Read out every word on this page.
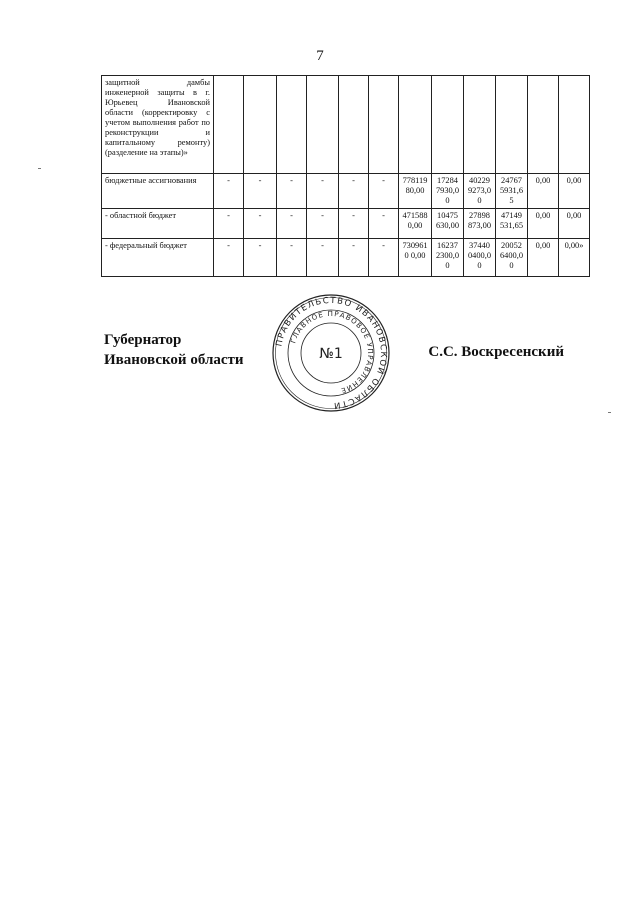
7
защитной дамбы инженерной защиты в г. Юрьевец Ивановской области (корректировку с учетом выполнения работ по реконструкции и капитальному ремонту) (разделение на этапы)»												
бюджетные ассигнования	-	-	-	-	-	-	77811980,00	172847930,00	402299273,00	247675931,65	0,00	0,00
- областной бюджет	-	-	-	-	-	-	4715880,00	10475630,00	27898873,00	47149531,65	0,00	0,00
- федеральный бюджет	-	-	-	-	-	-	7309610 0,00	162372300,00	374400400,00	200526400,00	0,00	0,00»
Губернатор
Ивановской области	С.С. Воскресенский
ПРАВИТЕЛЬСТВО ИВАНОВСКОЙ ОБЛАСТИ
ГЛАВНОЕ ПРАВОВОЕ УПРАВЛЕНИЕ
№1
